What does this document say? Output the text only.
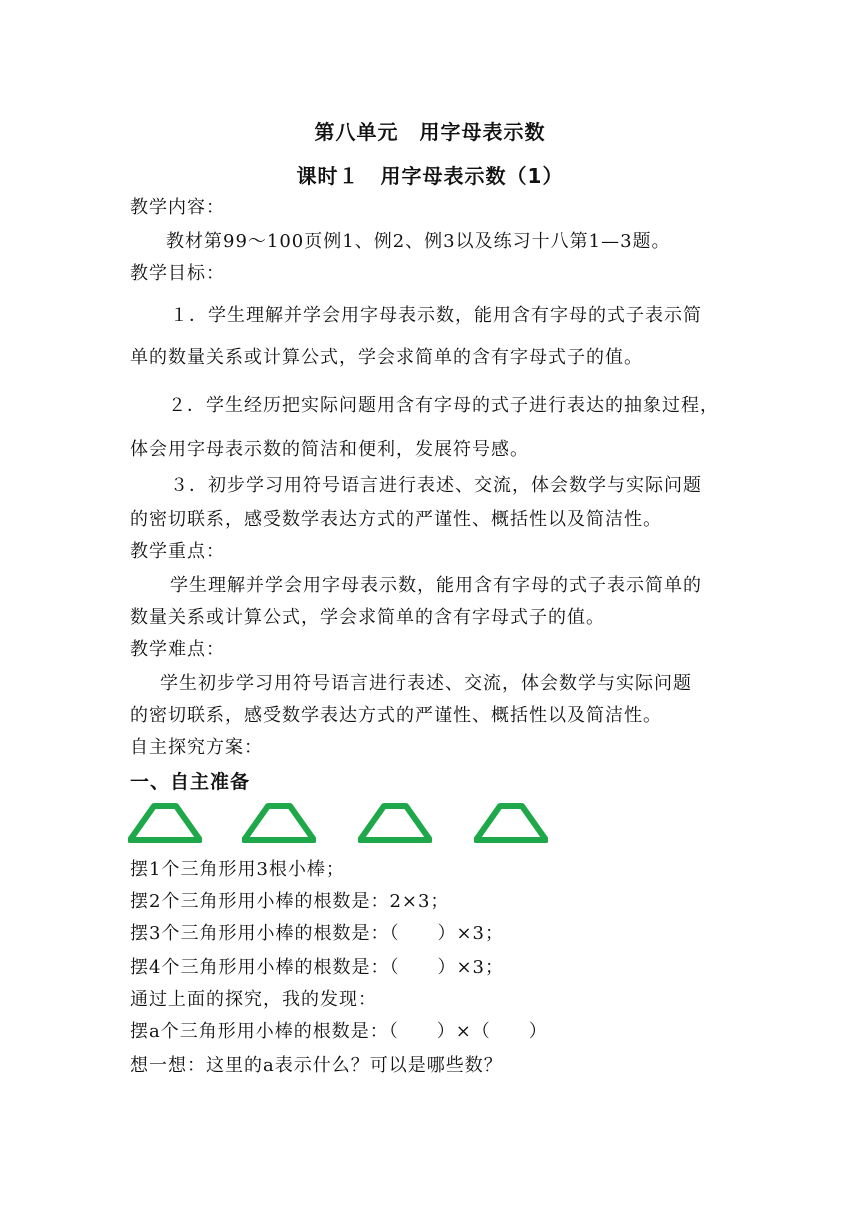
第八单元　用字母表示数
课时１　用字母表示数（1）
教学内容：
教材第99～100页例1、例2、例3以及练习十八第1—3题。
教学目标：
１．学生理解并学会用字母表示数，能用含有字母的式子表示简
单的数量关系或计算公式，学会求简单的含有字母式子的值。
２．学生经历把实际问题用含有字母的式子进行表达的抽象过程，
体会用字母表示数的简洁和便利，发展符号感。
３．初步学习用符号语言进行表述、交流，体会数学与实际问题
的密切联系，感受数学表达方式的严谨性、概括性以及简洁性。
教学重点：
学生理解并学会用字母表示数，能用含有字母的式子表示简单的
数量关系或计算公式，学会求简单的含有字母式子的值。
教学难点：
学生初步学习用符号语言进行表述、交流，体会数学与实际问题
的密切联系，感受数学表达方式的严谨性、概括性以及简洁性。
自主探究方案：
一、自主准备
摆1个三角形用3根小棒；
摆2个三角形用小棒的根数是：2×3；
摆3个三角形用小棒的根数是：（　　）×3；
摆4个三角形用小棒的根数是：（　　）×3；
通过上面的探究，我的发现：
摆a个三角形用小棒的根数是：（　　）×（　　）
想一想：这里的a表示什么？可以是哪些数？
